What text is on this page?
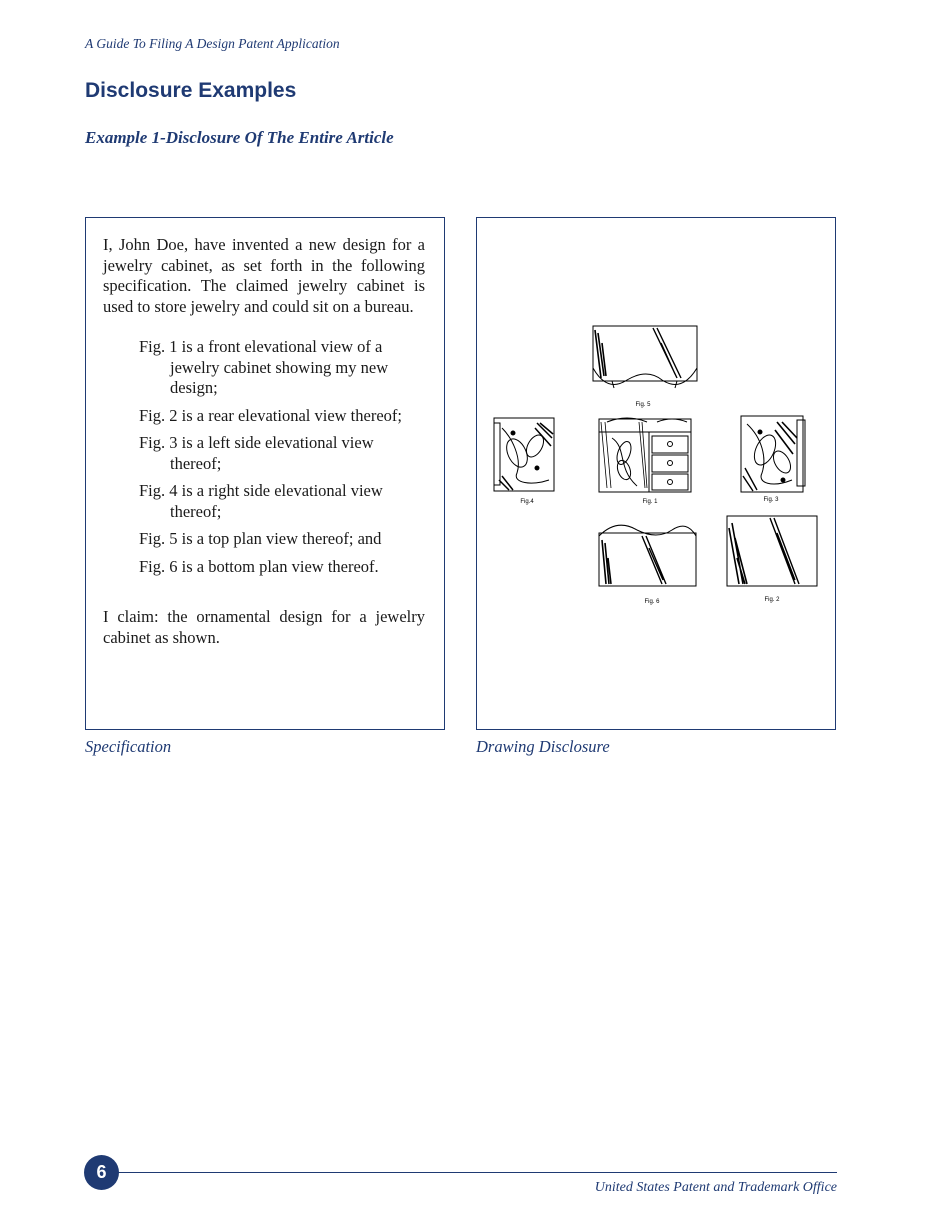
A Guide To Filing A Design Patent Application
Disclosure Examples
Example 1-Disclosure Of The Entire Article

I, John Doe, have invented a new design for a jewelry cabinet, as set forth in the following specification. The claimed jewelry cabinet is used to store jewelry and could sit on a bureau.

Fig. 1 is a front elevational view of a jewelry cabinet showing my new design;
Fig. 2 is a rear elevational view thereof;
Fig. 3 is a left side elevational view thereof;
Fig. 4 is a right side elevational view thereof;
Fig. 5 is a top plan view thereof; and
Fig. 6 is a bottom plan view thereof.

I claim: the ornamental design for a jewelry cabinet as shown.

Fig. 5
Fig.4	Fig. 1	Fig. 3
Fig. 6	Fig. 2
Specification	Drawing Disclosure
6
United States Patent and Trademark Office
